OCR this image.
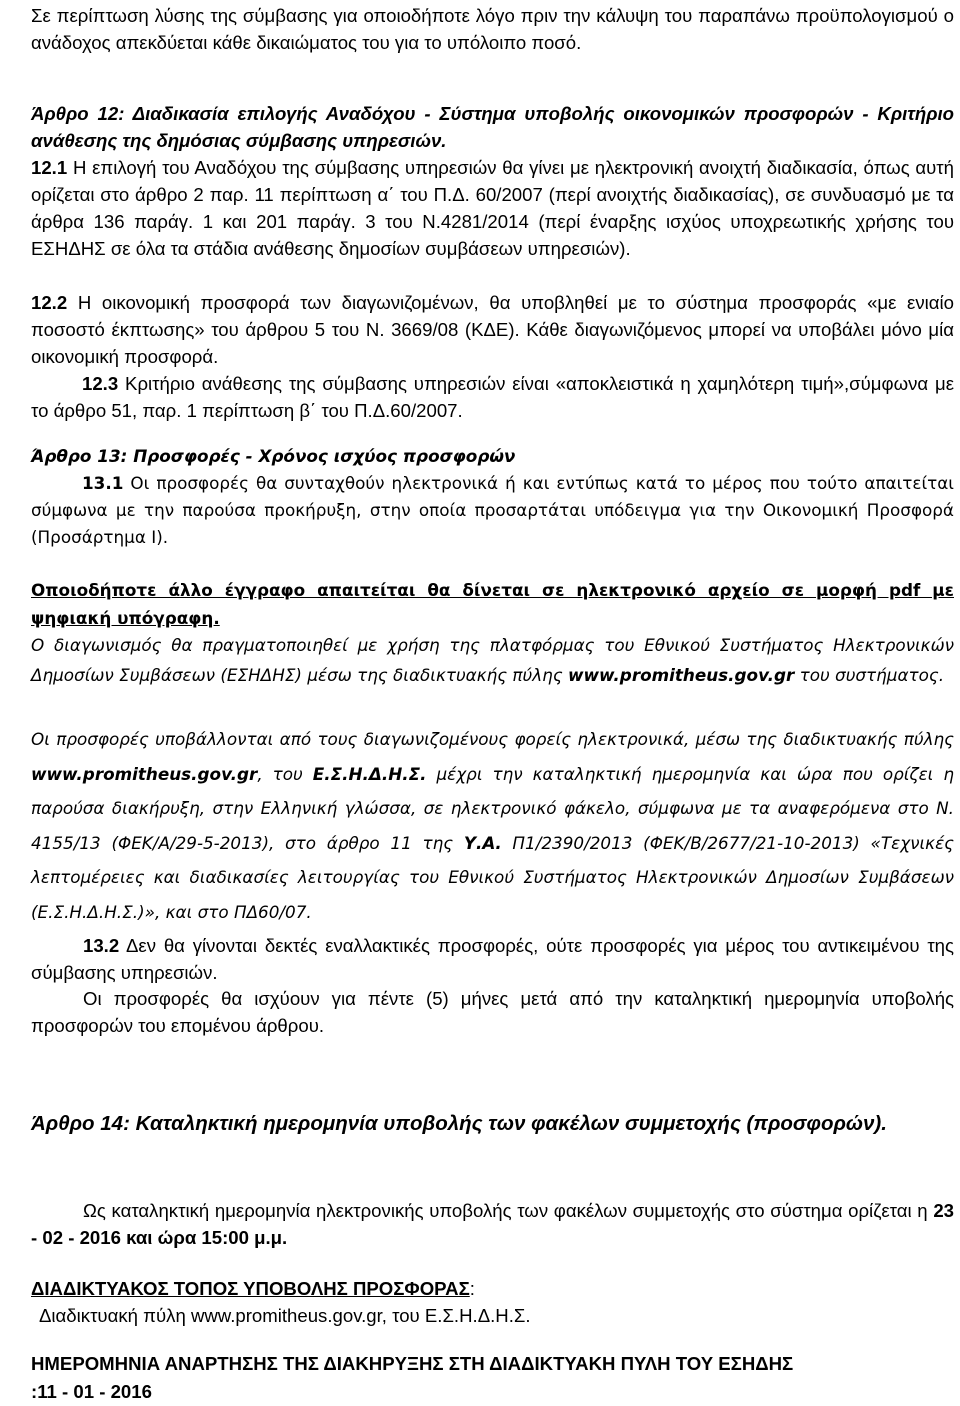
Σε περίπτωση λύσης της σύμβασης για οποιοδήποτε λόγο πριν την κάλυψη του παραπάνω προϋπολογισμού ο ανάδοχος απεκδύεται κάθε δικαιώματος του για το υπόλοιπο ποσό.

Άρθρο 12: Διαδικασία επιλογής Αναδόχου - Σύστημα υποβολής οικονομικών προσφορών - Κριτήριο ανάθεσης της δημόσιας σύμβασης υπηρεσιών.

12.1 Η επιλογή του Αναδόχου της σύμβασης υπηρεσιών θα γίνει με ηλεκτρονική ανοιχτή διαδικασία, όπως αυτή ορίζεται στο άρθρο 2 παρ. 11 περίπτωση α΄ του Π.Δ. 60/2007 (περί ανοιχτής διαδικασίας), σε συνδυασμό με τα άρθρα 136 παράγ. 1 και 201 παράγ. 3 του Ν.4281/2014 (περί έναρξης ισχύος υποχρεωτικής χρήσης του ΕΣΗΔΗΣ σε όλα τα στάδια ανάθεσης δημοσίων συμβάσεων υπηρεσιών).

12.2 Η οικονομική προσφορά των διαγωνιζομένων, θα υποβληθεί με το σύστημα προσφοράς «με ενιαίο ποσοστό έκπτωσης» του άρθρου 5 του Ν. 3669/08 (ΚΔΕ). Κάθε διαγωνιζόμενος μπορεί να υποβάλει μόνο μία οικονομική προσφορά.

12.3 Κριτήριο ανάθεσης της σύμβασης υπηρεσιών είναι «αποκλειστικά η χαμηλότερη τιμή»,σύμφωνα με το άρθρο 51, παρ. 1 περίπτωση β΄ του Π.Δ.60/2007.

Άρθρο 13: Προσφορές - Χρόνος ισχύος προσφορών

13.1 Οι προσφορές θα συνταχθούν ηλεκτρονικά ή και εντύπως κατά το μέρος που τούτο απαιτείται σύμφωνα με την παρούσα προκήρυξη, στην οποία προσαρτάται υπόδειγμα για την Οικονομική Προσφορά (Προσάρτημα Ι).

Οποιοδήποτε άλλο έγγραφο απαιτείται θα δίνεται σε ηλεκτρονικό αρχείο σε μορφή pdf με ψηφιακή υπόγραφη.

Ο διαγωνισμός θα πραγματοποιηθεί με χρήση της πλατφόρμας του Εθνικού Συστήματος Ηλεκτρονικών Δημοσίων Συμβάσεων (ΕΣΗΔΗΣ) μέσω της διαδικτυακής πύλης www.promitheus.gov.gr του συστήματος.

Οι προσφορές υποβάλλονται από τους διαγωνιζομένους φορείς ηλεκτρονικά, μέσω της διαδικτυακής πύλης www.promitheus.gov.gr, του Ε.Σ.Η.Δ.Η.Σ. μέχρι την καταληκτική ημερομηνία και ώρα που ορίζει η παρούσα διακήρυξη, στην Ελληνική γλώσσα, σε ηλεκτρονικό φάκελο, σύμφωνα με τα αναφερόμενα στο Ν. 4155/13 (ΦΕΚ/Α/29-5-2013), στο άρθρο 11 της Υ.Α. Π1/2390/2013 (ΦΕΚ/Β/2677/21-10-2013) «Τεχνικές λεπτομέρειες και διαδικασίες λειτουργίας του Εθνικού Συστήματος Ηλεκτρονικών Δημοσίων Συμβάσεων (Ε.Σ.Η.Δ.Η.Σ.)», και στο ΠΔ60/07.

13.2 Δεν θα γίνονται δεκτές εναλλακτικές προσφορές, ούτε προσφορές για μέρος του αντικειμένου της σύμβασης υπηρεσιών.

Οι προσφορές θα ισχύουν για πέντε (5) μήνες μετά από την καταληκτική ημερομηνία υποβολής προσφορών του επομένου άρθρου.

Άρθρο 14: Καταληκτική ημερομηνία υποβολής των φακέλων συμμετοχής (προσφορών).

Ως καταληκτική ημερομηνία ηλεκτρονικής υποβολής των φακέλων συμμετοχής στο σύστημα ορίζεται η 23 - 02 - 2016 και ώρα 15:00 μ.μ.

ΔΙΑΔΙΚΤΥΑΚΟΣ ΤΟΠΟΣ ΥΠΟΒΟΛΗΣ ΠΡΟΣΦΟΡΑΣ:

Διαδικτυακή πύλη www.promitheus.gov.gr, του Ε.Σ.Η.Δ.Η.Σ.

ΗΜΕΡΟΜΗΝΙΑ ΑΝΑΡΤΗΣΗΣ ΤΗΣ ΔΙΑΚΗΡΥΞΗΣ ΣΤΗ ΔΙΑΔΙΚΤΥΑΚΗ ΠΥΛΗ ΤΟΥ ΕΣΗΔΗΣ
:11 - 01 - 2016
